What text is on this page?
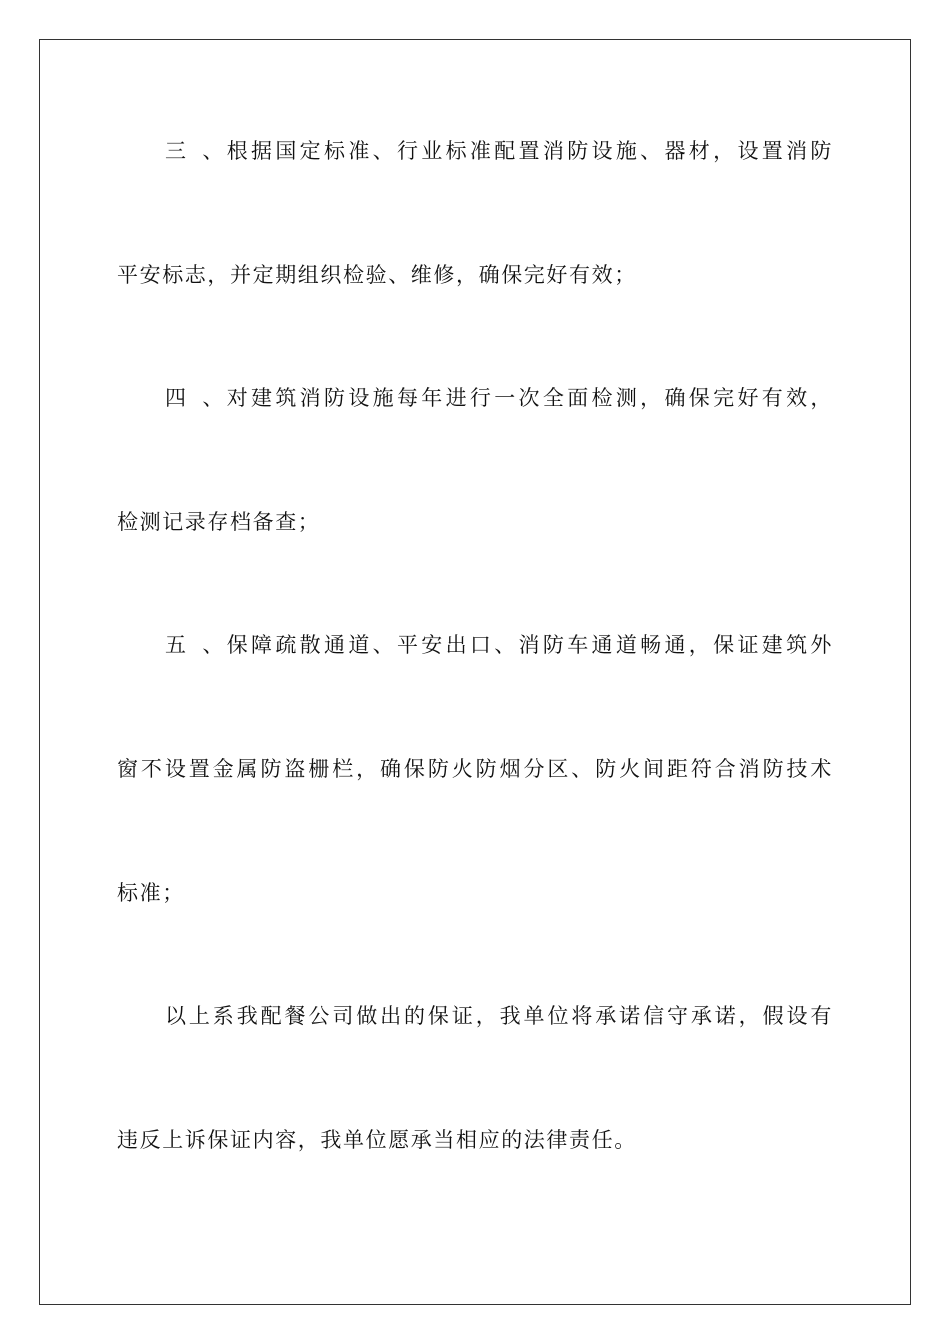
三、根据国定标准、行业标准配置消防设施、器材，设置消防
平安标志，并定期组织检验、维修，确保完好有效；
四、对建筑消防设施每年进行一次全面检测，确保完好有效，
检测记录存档备查；
五、保障疏散通道、平安出口、消防车通道畅通，保证建筑外
窗不设置金属防盗栅栏，确保防火防烟分区、防火间距符合消防技术
标准；
以上系我配餐公司做出的保证，我单位将承诺信守承诺，假设有
违反上诉保证内容，我单位愿承当相应的法律责任。
